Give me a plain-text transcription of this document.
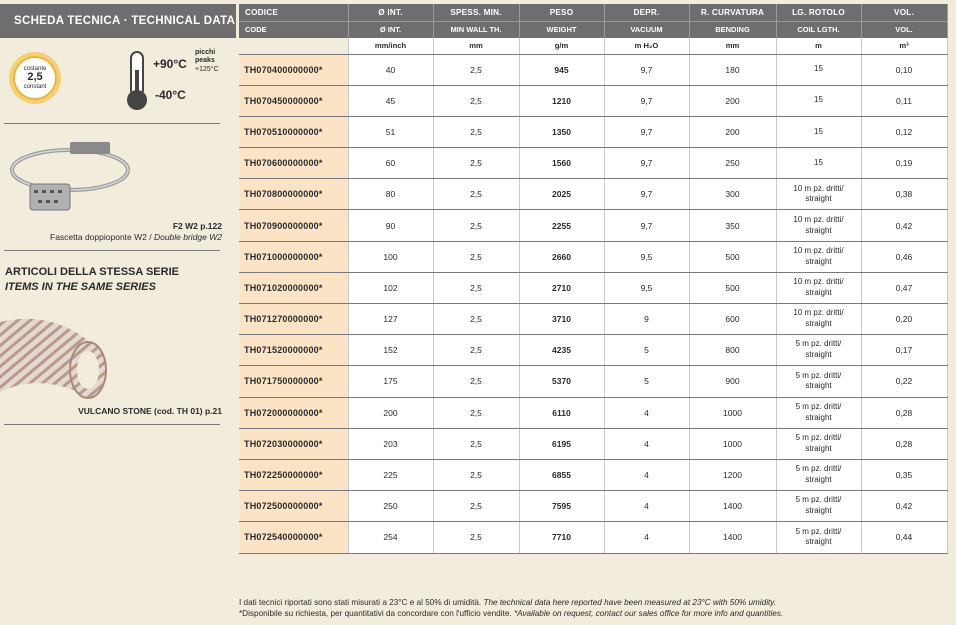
SCHEDA TECNICA · TECHNICAL DATA
costante
2,5
constant
+90°C
-40°C
picchi
peaks
+125°C
F2 W2 p.122
Fascetta doppioponte W2 / Double bridge W2
ARTICOLI DELLA STESSA SERIE
ITEMS IN THE SAME SERIES
VULCANO STONE (cod. TH 01) p.21
CODICE	Ø INT.	SPESS. MIN.	PESO	DEPR.	R. CURVATURA	LG. ROTOLO	VOL.
CODE	Ø INT.	MIN WALL TH.	WEIGHT	VACUUM	BENDING	COIL LGTH.	VOL.
	mm/inch	mm	g/m	m H₂O	mm	m	m³
TH070400000000*	40	2,5	945	9,7	180	15	0,10
TH070450000000*	45	2,5	1210	9,7	200	15	0,11
TH070510000000*	51	2,5	1350	9,7	200	15	0,12
TH070600000000*	60	2,5	1560	9,7	250	15	0,19
TH070800000000*	80	2,5	2025	9,7	300	10 m pz. dritti/
straight	0,38
TH070900000000*	90	2,5	2255	9,7	350	10 m pz. dritti/
straight	0,42
TH071000000000*	100	2,5	2660	9,5	500	10 m pz. dritti/
straight	0,46
TH071020000000*	102	2,5	2710	9,5	500	10 m pz. dritti/
straight	0,47
TH071270000000*	127	2,5	3710	9	600	10 m pz. dritti/
straight	0,20
TH071520000000*	152	2,5	4235	5	800	5 m pz. dritti/
straight	0,17
TH071750000000*	175	2,5	5370	5	900	5 m pz. dritti/
straight	0,22
TH072000000000*	200	2,5	6110	4	1000	5 m pz. dritti/
straight	0,28
TH072030000000*	203	2,5	6195	4	1000	5 m pz. dritti/
straight	0,28
TH072250000000*	225	2,5	6855	4	1200	5 m pz. dritti/
straight	0,35
TH072500000000*	250	2,5	7595	4	1400	5 m pz. dritti/
straight	0,42
TH072540000000*	254	2,5	7710	4	1400	5 m pz. dritti/
straight	0,44
I dati tecnici riportati sono stati misurati a 23°C e al 50% di umidità. The technical data here reported have been measured at 23°C with 50% umidity.
*Disponibile su richiesta, per quantitativi da concordare con l'ufficio vendite. *Available on request, contact our sales office for more info and quantities.
